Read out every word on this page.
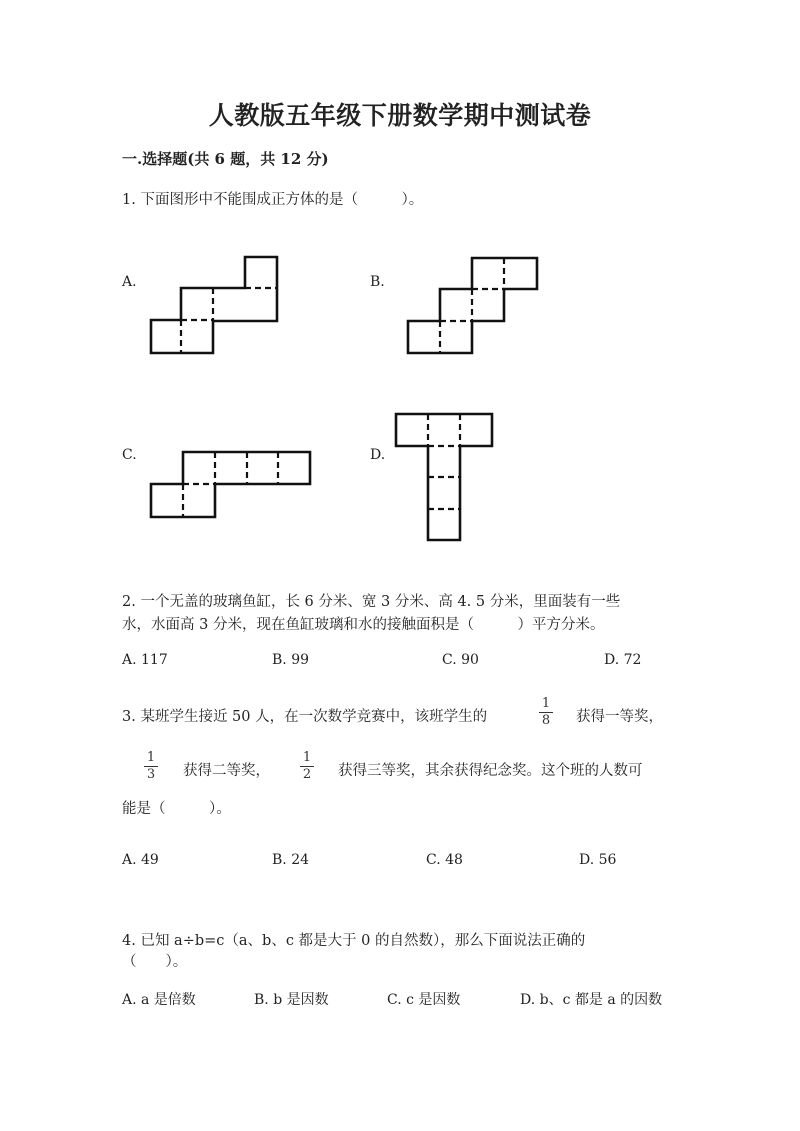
人教版五年级下册数学期中测试卷
一.选择题(共 6 题，共 12 分)
1. 下面图形中不能围成正方体的是（　　　）。
A.	B.
C.	D.
2. 一个无盖的玻璃鱼缸，长 6 分米、宽 3 分米、高 4. 5 分米，里面装有一些
水，水面高 3 分米，现在鱼缸玻璃和水的接触面积是（　　　）平方分米。
A. 117	B. 99	C. 90	D. 72
3. 某班学生接近 50 人，在一次数学竞赛中，该班学生的
1
8	获得一等奖，
1
3	获得二等奖，
1
2	获得三等奖，其余获得纪念奖。这个班的人数可
能是（　　　）。
A. 49	B. 24	C. 48	D. 56
4. 已知 a÷b=c（a、b、c 都是大于 0 的自然数），那么下面说法正确的
（　　）。
A. a 是倍数	B. b 是因数	C. c 是因数	D. b、c 都是 a 的因数
